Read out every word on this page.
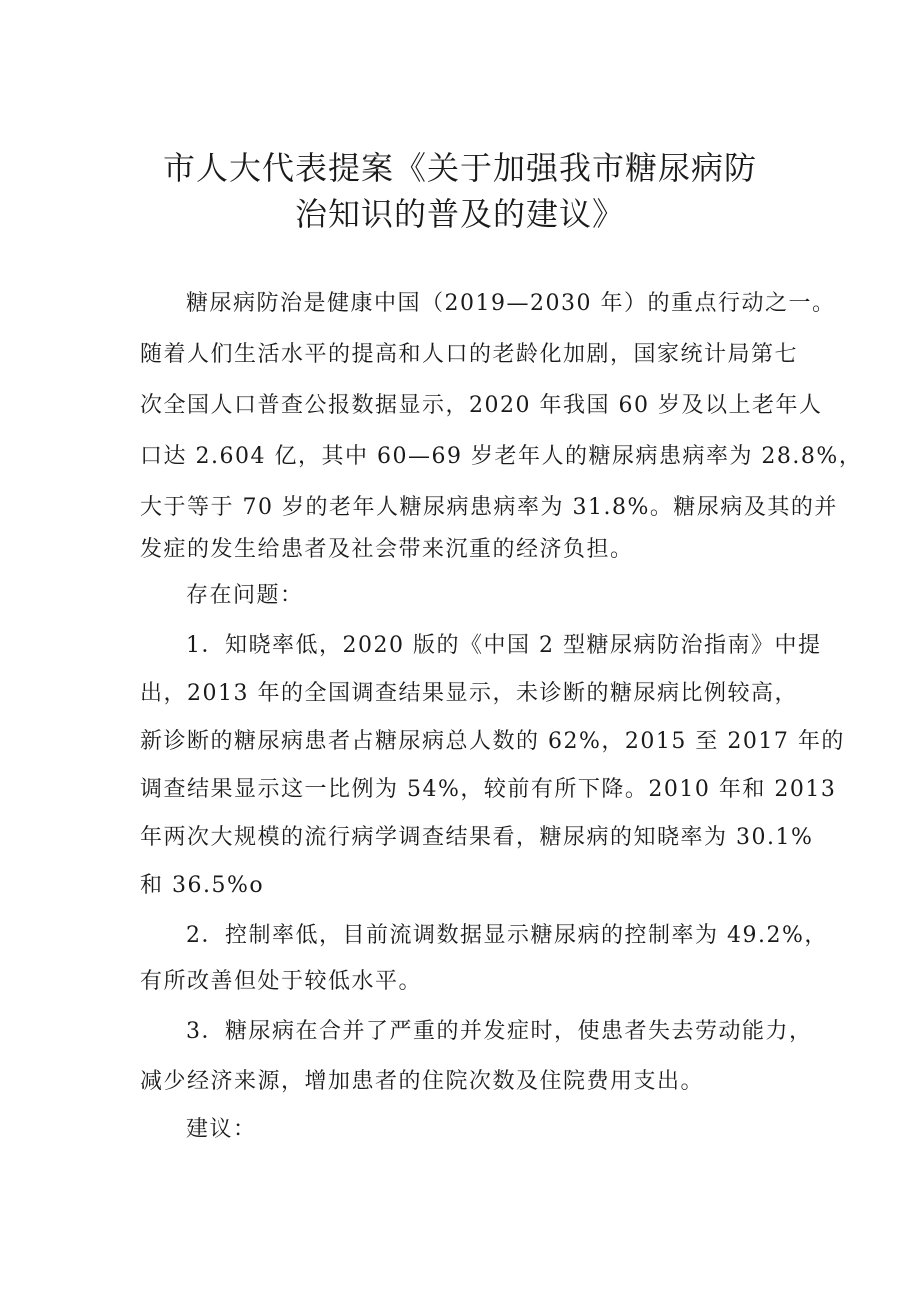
市人大代表提案《关于加强我市糖尿病防
治知识的普及的建议》
糖尿病防治是健康中国（2019—2030 年）的重点行动之一。
随着人们生活水平的提高和人口的老龄化加剧，国家统计局第七
次全国人口普查公报数据显示，2020 年我国 60 岁及以上老年人
口达 2.604 亿，其中 60—69 岁老年人的糖尿病患病率为 28.8%，
大于等于 70 岁的老年人糖尿病患病率为 31.8%。糖尿病及其的并
发症的发生给患者及社会带来沉重的经济负担。
存在问题：
1．知晓率低，2020 版的《中国 2 型糖尿病防治指南》中提
出，2013 年的全国调查结果显示，未诊断的糖尿病比例较高，
新诊断的糖尿病患者占糖尿病总人数的 62%，2015 至 2017 年的
调查结果显示这一比例为 54%，较前有所下降。2010 年和 2013
年两次大规模的流行病学调查结果看，糖尿病的知晓率为 30.1%
和 36.5%o
2．控制率低，目前流调数据显示糖尿病的控制率为 49.2%，
有所改善但处于较低水平。
3．糖尿病在合并了严重的并发症时，使患者失去劳动能力，
减少经济来源，增加患者的住院次数及住院费用支出。
建议：
